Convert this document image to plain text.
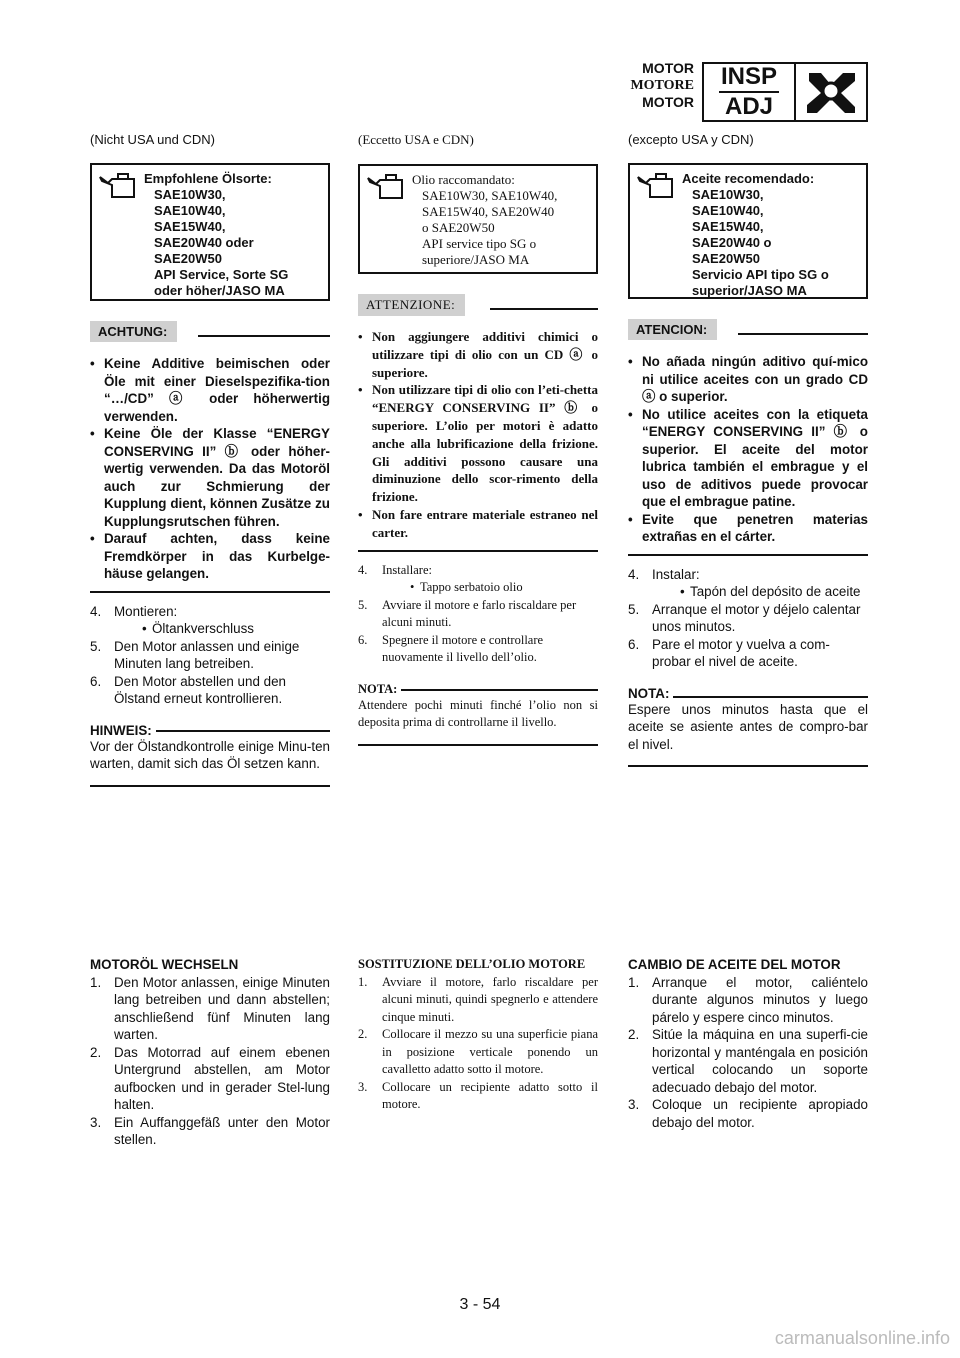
MOTOR
MOTORE
MOTOR
INSP
ADJ

(Nicht USA und CDN)

Empfohlene Ölsorte:
SAE10W30,
SAE10W40,
SAE15W40,
SAE20W40 oder
SAE20W50
API Service, Sorte SG
oder höher/JASO MA
ACHTUNG:
• Keine Additive beimischen oder Öle mit einer Dieselspezifika-tion “…/CD” ⓐ oder höherwertig verwenden.
• Keine Öle der Klasse “ENERGY CONSERVING II” ⓑ oder höher-wertig verwenden. Da das Motoröl auch zur Schmierung der Kupplung dient, können Zusätze zu Kupplungsrutschen führen.
• Darauf achten, dass keine Fremdkörper in das Kurbelge-häuse gelangen.
4. Montieren:
• Öltankverschluss
5. Den Motor anlassen und einige Minuten lang betreiben.
6. Den Motor abstellen und den Ölstand erneut kontrollieren.
HINWEIS:

Vor der Ölstandkontrolle einige Minu-ten warten, damit sich das Öl setzen kann.

(Eccetto USA e CDN)

Olio raccomandato:
SAE10W30, SAE10W40,
SAE15W40, SAE20W40
o SAE20W50
API service tipo SG o
superiore/JASO MA
ATTENZIONE:
• Non aggiungere additivi chimici o utilizzare tipi di olio con un CD ⓐ o superiore.
• Non utilizzare tipi di olio con l’eti-chetta “ENERGY CONSERVING II” ⓑ o superiore. L’olio per motori è adatto anche alla lubrificazione della frizione. Gli additivi possono causare una diminuzione dello scor-rimento della frizione.
• Non fare entrare materiale estraneo nel carter.
4. Installare:
• Tappo serbatoio olio
5. Avviare il motore e farlo riscaldare per alcuni minuti.
6. Spegnere il motore e controllare nuovamente il livello dell’olio.
NOTA:

Attendere pochi minuti finché l’olio non si deposita prima di controllarne il livello.

(excepto USA y CDN)

Aceite recomendado:
SAE10W30,
SAE10W40,
SAE15W40,
SAE20W40 o
SAE20W50
Servicio API tipo SG o
superior/JASO MA
ATENCION:
• No añada ningún aditivo quí-mico ni utilice aceites con un grado CD ⓐ o superior.
• No utilice aceites con la etiqueta “ENERGY CONSERVING II” ⓑ o superior. El aceite del motor lubrica también el embrague y el uso de aditivos puede provocar que el embrague patine.
• Evite que penetren materias extrañas en el cárter.
4. Instalar:
• Tapón del depósito de aceite
5. Arranque el motor y déjelo calentar unos minutos.
6. Pare el motor y vuelva a com-probar el nivel de aceite.
NOTA:

Espere unos minutos hasta que el aceite se asiente antes de compro-bar el nivel.

MOTORÖL WECHSELN
1. Den Motor anlassen, einige Minuten lang betreiben und dann abstellen; anschließend fünf Minuten lang warten.
2. Das Motorrad auf einem ebenen Untergrund abstellen, am Motor aufbocken und in gerader Stel-lung halten.
3. Ein Auffanggefäß unter den Motor stellen.
SOSTITUZIONE DELL’OLIO MOTORE
1. Avviare il motore, farlo riscaldare per alcuni minuti, quindi spegnerlo e attendere cinque minuti.
2. Collocare il mezzo su una superficie piana in posizione verticale ponendo un cavalletto adatto sotto il motore.
3. Collocare un recipiente adatto sotto il motore.
CAMBIO DE ACEITE DEL MOTOR
1. Arranque el motor, caliéntelo durante algunos minutos y luego párelo y espere cinco minutos.
2. Sitúe la máquina en una superfi-cie horizontal y manténgala en posición vertical colocando un soporte adecuado debajo del motor.
3. Coloque un recipiente apropiado debajo del motor.
3 - 54
carmanualsonline.info
